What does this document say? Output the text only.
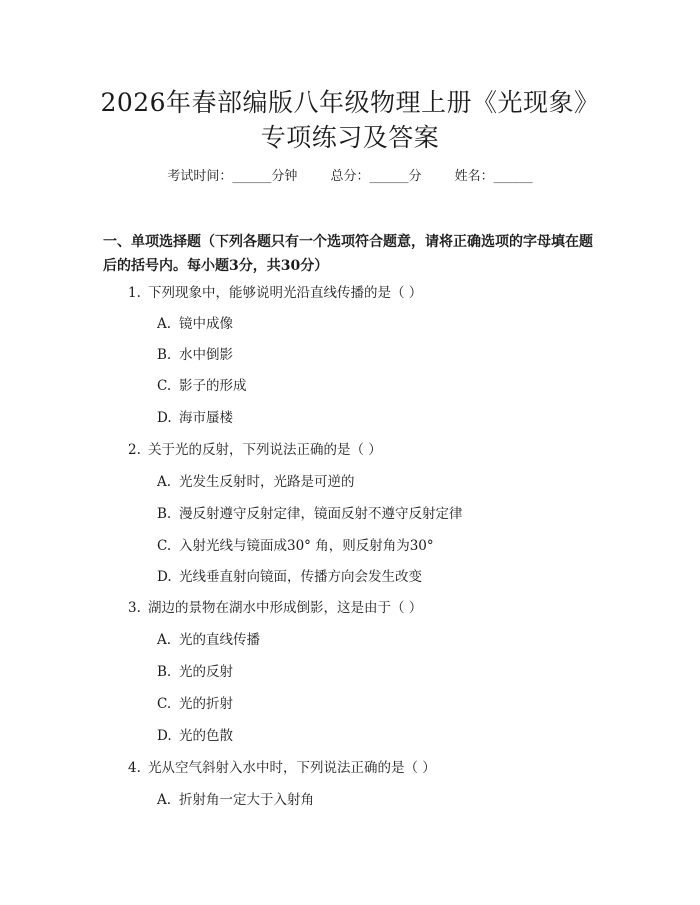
2026年春部编版八年级物理上册《光现象》
专项练习及答案
考试时间：______分钟	总分：______分	姓名：______
一、单项选择题（下列各题只有一个选项符合题意，请将正确选项的字母填在题后的括号内。每小题3分，共30分）
1. 下列现象中，能够说明光沿直线传播的是（ ）
A. 镜中成像
B. 水中倒影
C. 影子的形成
D. 海市蜃楼
2. 关于光的反射，下列说法正确的是（ ）
A. 光发生反射时，光路是可逆的
B. 漫反射遵守反射定律，镜面反射不遵守反射定律
C. 入射光线与镜面成30° 角，则反射角为30°
D. 光线垂直射向镜面，传播方向会发生改变
3. 湖边的景物在湖水中形成倒影，这是由于（ ）
A. 光的直线传播
B. 光的反射
C. 光的折射
D. 光的色散
4. 光从空气斜射入水中时，下列说法正确的是（ ）
A. 折射角一定大于入射角
